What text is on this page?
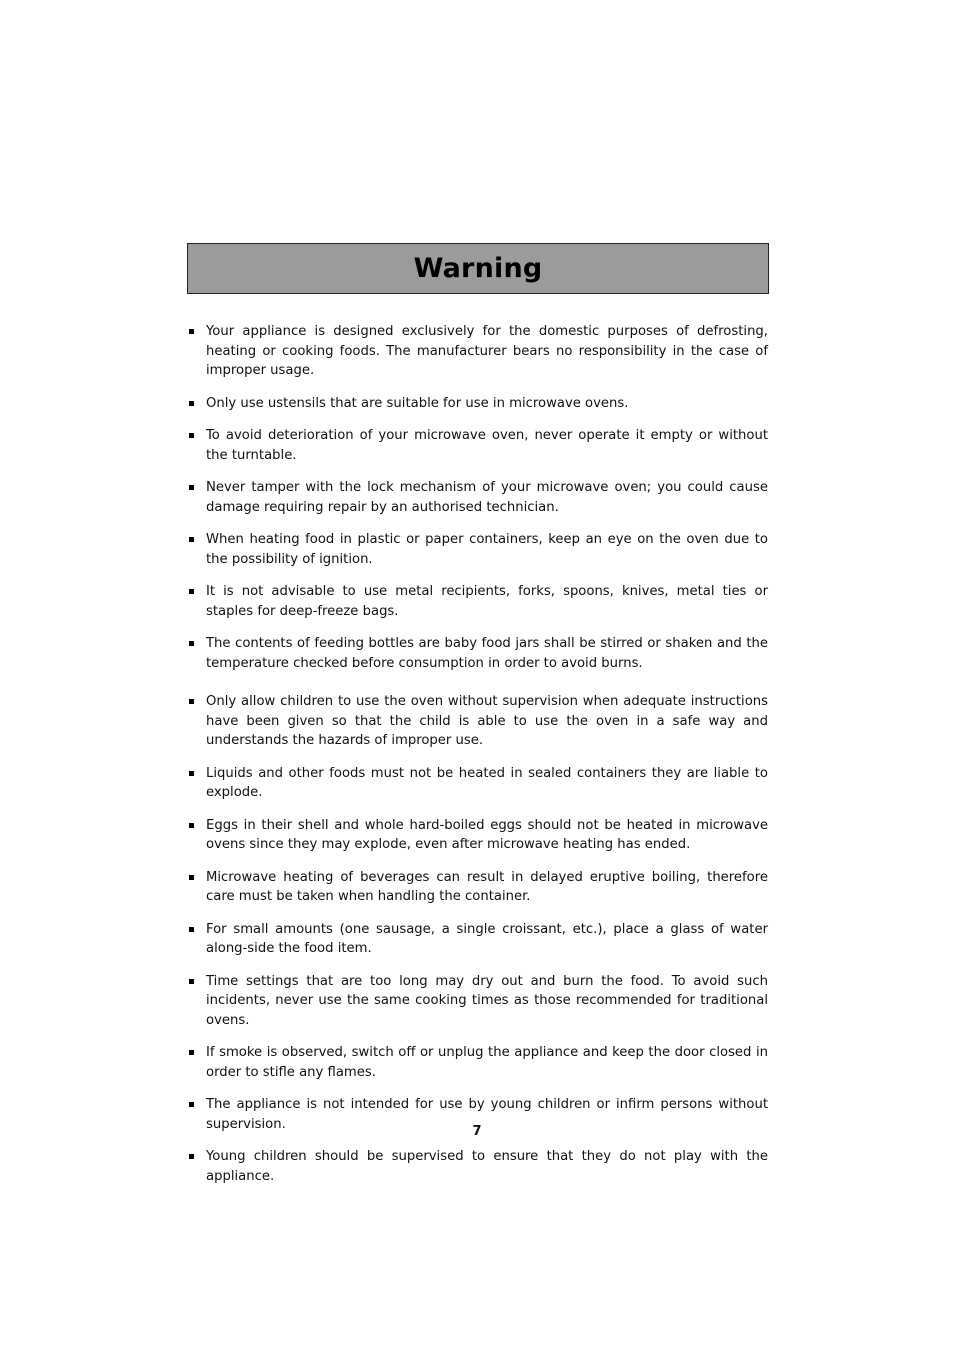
Warning
Your appliance is designed exclusively for the domestic purposes of defrosting, heating or cooking foods. The manufacturer bears no responsibility in the case of improper usage.
Only use ustensils that are suitable for use in microwave ovens.
To avoid deterioration of your microwave oven, never operate it empty or without the turntable.
Never tamper with the lock mechanism of your microwave oven; you could cause damage requiring repair by an authorised technician.
When heating food in plastic or paper containers, keep an eye on the oven due to the possibility of ignition.
It is not advisable to use metal recipients, forks, spoons, knives, metal ties or staples for deep-freeze bags.
The contents of feeding bottles are baby food jars shall be stirred or shaken and the temperature checked before consumption in order to avoid burns.
Only allow children to use the oven without supervision when adequate instructions have been given so that the child is able to use the oven in a safe way and understands the hazards of improper use.
Liquids and other foods must not be heated in sealed containers they are liable to explode.
Eggs in their shell and whole hard-boiled eggs should not be heated in microwave ovens since they may explode, even after microwave heating has ended.
Microwave heating of beverages can result in delayed eruptive boiling, therefore care must be taken when handling the container.
For small amounts (one sausage, a single croissant, etc.), place a glass of water along-side the food item.
Time settings that are too long may dry out and burn the food. To avoid such incidents, never use the same cooking times as those recommended for traditional ovens.
If smoke is observed, switch off or unplug the appliance and keep the door closed in order to stifle any flames.
The appliance is not intended for use by young children or infirm persons without supervision.
Young children should be supervised to ensure that they do not play with the appliance.
7
